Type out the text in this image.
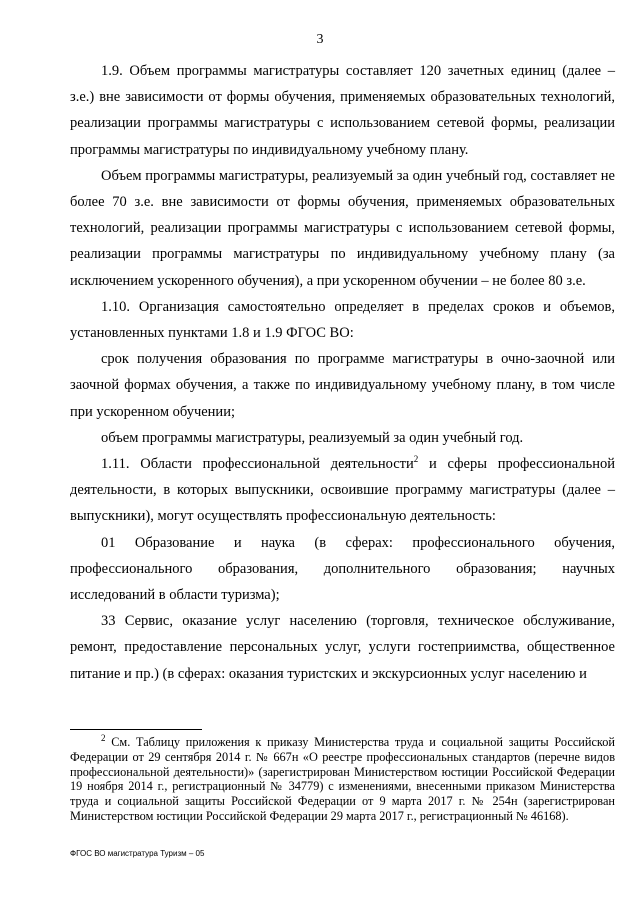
3

1.9. Объем программы магистратуры составляет 120 зачетных единиц (далее – з.е.) вне зависимости от формы обучения, применяемых образовательных технологий, реализации программы магистратуры с использованием сетевой формы, реализации программы магистратуры по индивидуальному учебному плану.

Объем программы магистратуры, реализуемый за один учебный год, составляет не более 70 з.е. вне зависимости от формы обучения, применяемых образовательных технологий, реализации программы магистратуры с использованием сетевой формы, реализации программы магистратуры по индивидуальному учебному плану (за исключением ускоренного обучения), а при ускоренном обучении – не более 80 з.е.

1.10. Организация самостоятельно определяет в пределах сроков и объемов, установленных пунктами 1.8 и 1.9 ФГОС ВО:

срок получения образования по программе магистратуры в очно-заочной или заочной формах обучения, а также по индивидуальному учебному плану, в том числе при ускоренном обучении;

объем программы магистратуры, реализуемый за один учебный год.

1.11. Области профессиональной деятельности$^2$ и сферы профессиональной деятельности, в которых выпускники, освоившие программу магистратуры (далее – выпускники), могут осуществлять профессиональную деятельность:

01 Образование и наука (в сферах: профессионального обучения, профессионального образования, дополнительного образования; научных исследований в области туризма);

33 Сервис, оказание услуг населению (торговля, техническое обслуживание, ремонт, предоставление персональных услуг, услуги гостеприимства, общественное питание и пр.) (в сферах: оказания туристских и экскурсионных услуг населению и

$^2$ См. Таблицу приложения к приказу Министерства труда и социальной защиты Российской Федерации от 29 сентября 2014 г. № 667н «О реестре профессиональных стандартов (перечне видов профессиональной деятельности)» (зарегистрирован Министерством юстиции Российской Федерации 19 ноября 2014 г., регистрационный № 34779) с изменениями, внесенными приказом Министерства труда и социальной защиты Российской Федерации от 9 марта 2017 г. № 254н (зарегистрирован Министерством юстиции Российской Федерации 29 марта 2017 г., регистрационный № 46168).

ФГОС ВО магистратура Туризм – 05
